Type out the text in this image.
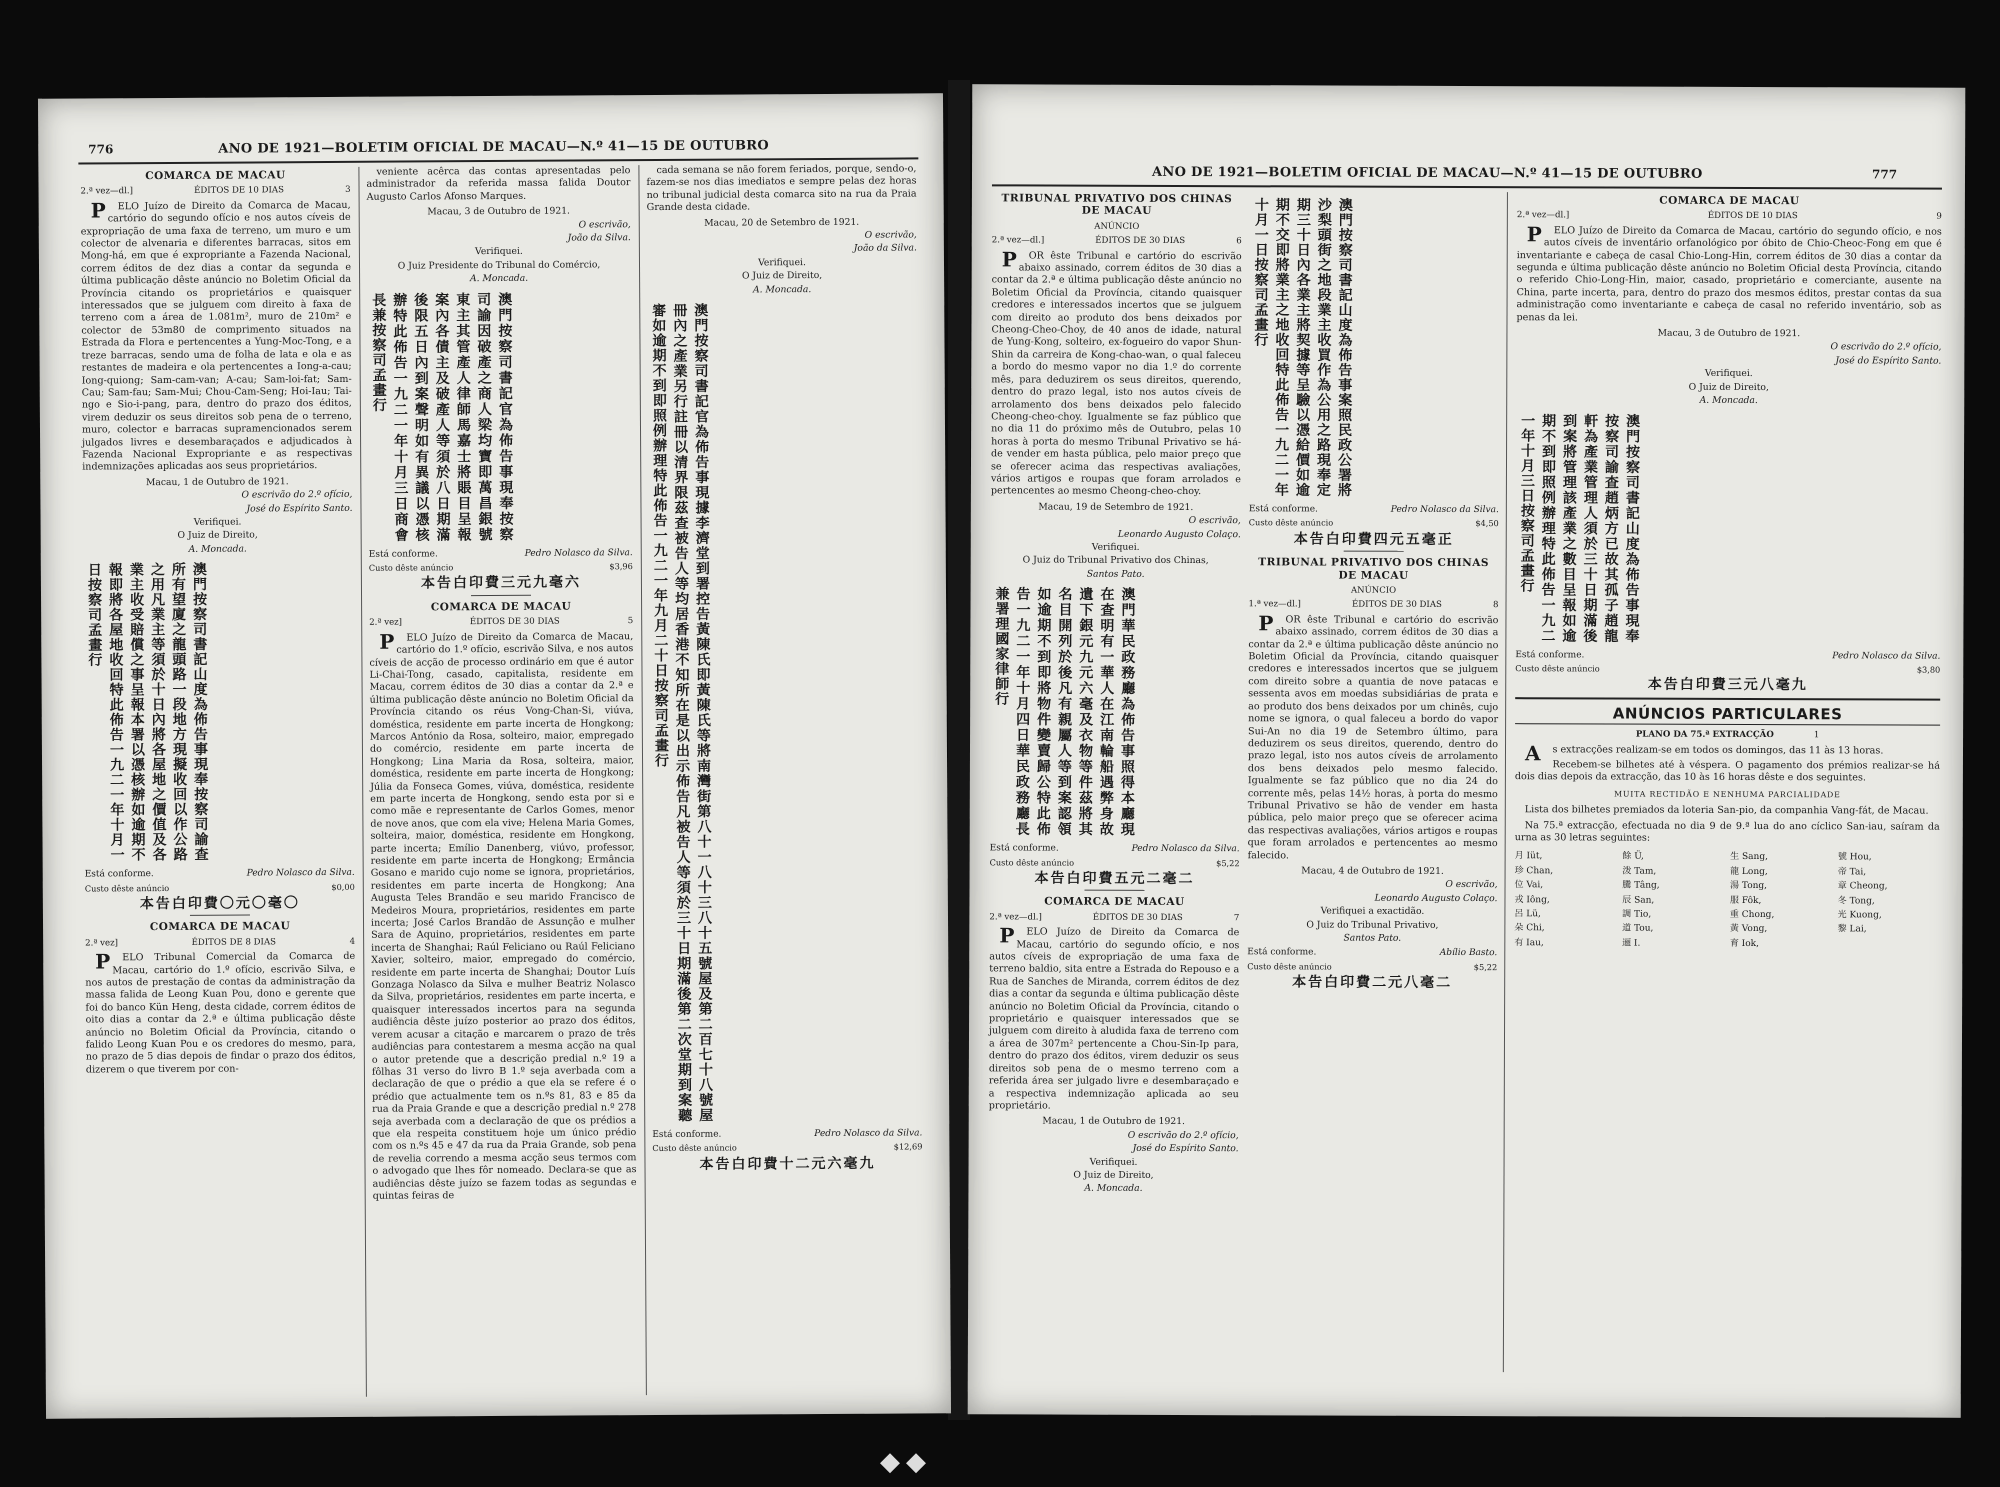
776	ANO DE 1921—BOLETIM OFICIAL DE MACAU—N.º 41—15 DE OUTUBRO
COMARCA DE MACAU
2.ª vez—dl.]	ÉDITOS DE 10 DIAS	3

PELO Juízo de Direito da Comarca de Macau, cartório do segundo ofício e nos autos cíveis de expropriação de uma faxa de terreno, um muro e um colector de alvenaria e diferentes barracas, sitos em Mong-há, em que é expropriante a Fazenda Nacional, correm éditos de dez dias a contar da segunda e última publicação dêste anúncio no Boletim Oficial da Província citando os proprietários e quaisquer interessados que se julguem com direito à faxa de terreno com a área de 1.081m², muro de 210m² e colector de 53m80 de comprimento situados na Estrada da Flora e pertencentes a Yung-Moc-Tong, e a treze barracas, sendo uma de folha de lata e ola e as restantes de madeira e ola pertencentes a Iong-a-cau; Iong-quiong; Sam-cam-van; A-cau; Sam-loi-fat; Sam-Cau; Sam-fau; Sam-Mui; Chou-Cam-Seng; Hoi-Iau; Tai-ngo e Sio-i-pang, para, dentro do prazo dos éditos, virem deduzir os seus direitos sob pena de o terreno, muro, colector e barracas supramencionados serem julgados livres e desembaraçados e adjudicados à Fazenda Nacional Expropriante e as respectivas indemnizações aplicadas aos seus proprietários.

Macau, 1 de Outubro de 1921.
O escrivão do 2.º ofício,
José do Espírito Santo.
Verifiquei.
O Juiz de Direito,
A. Moncada.
澳門按察司書記山度為佈告事現奉按察司諭查所有望廈之龍頭路一段地方現擬收回以作公路之用凡業主等須於十日內將各屋地之價值及各業主收受賠償之事呈報本署以憑核辦如逾期不報即將各屋地收回特此佈告一九二一年十月一日按察司孟畫行
Está conforme.	Pedro Nolasco da Silva.
Custo dêste anúncio	$0,00
本告白印費〇元〇毫〇
COMARCA DE MACAU
2.ª vez]	ÉDITOS DE 8 DIAS	4

PELO Tribunal Comercial da Comarca de Macau, cartório do 1.º ofício, escrivão Silva, e nos autos de prestação de contas da administração da massa falida de Leong Kuan Pou, dono e gerente que foi do banco Kün Heng, desta cidade, correm éditos de oito dias a contar da 2.ª e última publicação dêste anúncio no Boletim Oficial da Província, citando o falido Leong Kuan Pou e os credores do mesmo, para, no prazo de 5 dias depois de findar o prazo dos éditos, dizerem o que tiverem por con-

veniente acêrca das contas apresentadas pelo administrador da referida massa falida Doutor Augusto Carlos Afonso Marques.

Macau, 3 de Outubro de 1921.
O escrivão,
João da Silva.
Verifiquei.
O Juiz Presidente do Tribunal do Comércio,
A. Moncada.
澳門按察司書記官為佈告事現奉按察司諭因破產之商人梁均寶即萬昌銀號東主其管產人律師馬嘉士將賬目呈報案內各債主及破產人等須於八日期滿後限五日內到案聲明如有異議以憑核辦特此佈告一九二一年十月三日商會長兼按察司孟畫行
Está conforme.	Pedro Nolasco da Silva.
Custo dêste anúncio	$3,96
本告白印費三元九毫六
COMARCA DE MACAU
2.ª vez]	ÉDITOS DE 30 DIAS	5

PELO Juízo de Direito da Comarca de Macau, cartório do 1.º ofício, escrivão Silva, e nos autos cíveis de acção de processo ordinário em que é autor Li-Chai-Tong, casado, capitalista, residente em Macau, correm éditos de 30 dias a contar da 2.ª e última publicação dêste anúncio no Boletim Oficial da Província citando os réus Vong-Chan-Si, viúva, doméstica, residente em parte incerta de Hongkong; Marcos António da Rosa, solteiro, maior, empregado do comércio, residente em parte incerta de Hongkong; Lina Maria da Rosa, solteira, maior, doméstica, residente em parte incerta de Hongkong; Júlia da Fonseca Gomes, viúva, doméstica, residente em parte incerta de Hongkong, sendo esta por si e como mãe e representante de Carlos Gomes, menor de nove anos, que com ela vive; Helena Maria Gomes, solteira, maior, doméstica, residente em Hongkong, parte incerta; Emílio Danenberg, viúvo, professor, residente em parte incerta de Hongkong; Ermância Gosano e marido cujo nome se ignora, proprietários, residentes em parte incerta de Hongkong; Ana Augusta Teles Brandão e seu marido Francisco de Medeiros Moura, proprietários, residentes em parte incerta; José Carlos Brandão de Assunção e mulher Sara de Aquino, proprietários, residentes em parte incerta de Shanghai; Raúl Feliciano ou Raúl Feliciano Xavier, solteiro, maior, empregado do comércio, residente em parte incerta de Shanghai; Doutor Luís Gonzaga Nolasco da Silva e mulher Beatriz Nolasco da Silva, proprietários, residentes em parte incerta, e quaisquer interessados incertos para na segunda audiência dêste juízo posterior ao prazo dos éditos, verem acusar a citação e marcarem o prazo de três audiências para contestarem a mesma acção na qual o autor pretende que a descrição predial n.º 19 a fôlhas 31 verso do livro B 1.º seja averbada com a declaração de que o prédio a que ela se refere é o prédio que actualmente tem os n.ºs 81, 83 e 85 da rua da Praia Grande e que a descrição predial n.º 278 seja averbada com a declaração de que os prédios a que ela respeita constituem hoje um único prédio com os n.ºs 45 e 47 da rua da Praia Grande, sob pena de revelia correndo a mesma acção seus termos com o advogado que lhes fôr nomeado. Declara-se que as audiências dêste juízo se fazem todas as segundas e quintas feiras de

cada semana se não forem feriados, porque, sendo-o, fazem-se nos dias imediatos e sempre pelas dez horas no tribunal judicial desta comarca sito na rua da Praia Grande desta cidade.

Macau, 20 de Setembro de 1921.
O escrivão,
João da Silva.
Verifiquei.
O Juiz de Direito,
A. Moncada.
澳門按察司書記官為佈告事現據李濟堂到署控告黃陳氏即黃陳氏等將南灣街第八十一八十三八十五號屋及第二百七十八號屋冊內之產業另行註冊以清界限茲查被告人等均居香港不知所在是以出示佈告凡被告人等須於三十日期滿後第二次堂期到案聽審如逾期不到即照例辦理特此佈告一九二一年九月二十日按察司孟畫行
Está conforme.	Pedro Nolasco da Silva.
Custo dêste anúncio	$12,69
本告白印費十二元六毫九
ANO DE 1921—BOLETIM OFICIAL DE MACAU—N.º 41—15 DE OUTUBRO	777
TRIBUNAL PRIVATIVO DOS CHINAS DE MACAU
ANÚNCIO
2.ª vez—dl.]	ÉDITOS DE 30 DIAS	6

POR êste Tribunal e cartório do escrivão abaixo assinado, correm éditos de 30 dias a contar da 2.ª e última publicação dêste anúncio no Boletim Oficial da Província, citando quaisquer credores e interessados incertos que se julguem com direito ao produto dos bens deixados por Cheong-Cheo-Choy, de 40 anos de idade, natural de Yung-Kong, solteiro, ex-fogueiro do vapor Shun-Shin da carreira de Kong-chao-wan, o qual faleceu a bordo do mesmo vapor no dia 1.º do corrente mês, para deduzirem os seus direitos, querendo, dentro do prazo legal, isto nos autos cíveis de arrolamento dos bens deixados pelo falecido Cheong-cheo-choy. Igualmente se faz público que no dia 11 do próximo mês de Outubro, pelas 10 horas à porta do mesmo Tribunal Privativo se há-de vender em hasta pública, pelo maior preço que se oferecer acima das respectivas avaliações, vários artigos e roupas que foram arrolados e pertencentes ao mesmo Cheong-cheo-choy.

Macau, 19 de Setembro de 1921.
O escrivão,
Leonardo Augusto Colaço.
Verifiquei.
O Juiz do Tribunal Privativo dos Chinas,
Santos Pato.
澳門華民政務廳為佈告事照得本廳現在查明有一華人在江南輪船遇弊身故遺下銀元九元六毫及衣物等件茲將其名目開列於後凡有親屬人等到案認領如逾期不到即將物件變賣歸公特此佈告一九二一年十月四日華民政務廳長兼署理國家律師行
Está conforme.	Pedro Nolasco da Silva.
Custo dêste anúncio	$5,22
本告白印費五元二毫二
COMARCA DE MACAU
2.ª vez—dl.]	ÉDITOS DE 30 DIAS	7

PELO Juízo de Direito da Comarca de Macau, cartório do segundo ofício, e nos autos cíveis de expropriação de uma faxa de terreno baldio, sita entre a Estrada do Repouso e a Rua de Sanches de Miranda, correm éditos de dez dias a contar da segunda e última publicação dêste anúncio no Boletim Oficial da Província, citando o proprietário e quaisquer interessados que se julguem com direito à aludida faxa de terreno com a área de 307m² pertencente a Chou-Sin-Ip para, dentro do prazo dos éditos, virem deduzir os seus direitos sob pena de o mesmo terreno com a referida área ser julgado livre e desembaraçado e a respectiva indemnização aplicada ao seu proprietário.

Macau, 1 de Outubro de 1921.
O escrivão do 2.º ofício,
José do Espírito Santo.
Verifiquei.
O Juiz de Direito,
A. Moncada.
澳門按察司書記山度為佈告事案照民政公署將沙梨頭街之地段業主收買作為公用之路現奉定期三十日內各業主將契據等呈驗以憑給價如逾期不交即將業主之地收回特此佈告一九二一年十月一日按察司孟畫行
Está conforme.	Pedro Nolasco da Silva.
Custo dêste anúncio	$4,50
本告白印費四元五毫正
TRIBUNAL PRIVATIVO DOS CHINAS DE MACAU
ANÚNCIO
1.ª vez—dl.]	ÉDITOS DE 30 DIAS	8

POR êste Tribunal e cartório do escrivão abaixo assinado, correm éditos de 30 dias a contar da 2.ª e última publicação dêste anúncio no Boletim Oficial da Província, citando quaisquer credores e interessados incertos que se julguem com direito sobre a quantia de nove patacas e sessenta avos em moedas subsidiárias de prata e ao produto dos bens deixados por um chinês, cujo nome se ignora, o qual faleceu a bordo do vapor Sui-An no dia 19 de Setembro último, para deduzirem os seus direitos, querendo, dentro do prazo legal, isto nos autos cíveis de arrolamento dos bens deixados pelo mesmo falecido. Igualmente se faz público que no dia 24 do corrente mês, pelas 14½ horas, à porta do mesmo Tribunal Privativo se hão de vender em hasta pública, pelo maior preço que se oferecer acima das respectivas avaliações, vários artigos e roupas que foram arrolados e pertencentes ao mesmo falecido.

Macau, 4 de Outubro de 1921.
O escrivão,
Leonardo Augusto Colaço.
Verifiquei a exactidão.
O Juiz do Tribunal Privativo,
Santos Pato.
Está conforme.	Abílio Basto.
Custo dêste anúncio	$5,22
本告白印費二元八毫二
COMARCA DE MACAU
2.ª vez—dl.]	ÉDITOS DE 10 DIAS	9

PELO Juízo de Direito da Comarca de Macau, cartório do segundo ofício, e nos autos cíveis de inventário orfanológico por óbito de Chio-Cheoc-Fong em que é inventariante e cabeça de casal Chio-Long-Hin, correm éditos de 30 dias a contar da segunda e última publicação dêste anúncio no Boletim Oficial desta Província, citando o referido Chio-Long-Hin, maior, casado, proprietário e comerciante, ausente na China, parte incerta, para, dentro do prazo dos mesmos éditos, prestar contas da sua administração como inventariante e cabeça de casal no referido inventário, sob as penas da lei.

Macau, 3 de Outubro de 1921.
O escrivão do 2.º ofício,
José do Espírito Santo.
Verifiquei.
O Juiz de Direito,
A. Moncada.
澳門按察司書記山度為佈告事現奉按察司諭查趙炳方已故其孤子趙龍軒為產業管理人須於三十日期滿後到案將管理該產業之數目呈報如逾期不到即照例辦理特此佈告一九二一年十月三日按察司孟畫行
Está conforme.	Pedro Nolasco da Silva.
Custo dêste anúncio	$3,80
本告白印費三元八毫九
ANÚNCIOS PARTICULARES
PLANO DA 75.ª EXTRACÇÃO	1

As extracções realizam-se em todos os domingos, das 11 às 13 horas.

Recebem-se bilhetes até à véspera. O pagamento dos prémios realizar-se há dois dias depois da extracção, das 10 às 16 horas dêste e dos seguintes.

MUITA RECTIDÃO E NENHUMA PARCIALIDADE

Lista dos bilhetes premiados da loteria San-pio, da companhia Vang-fát, de Macau.

Na 75.ª extracção, efectuada no dia 9 de 9.ª lua do ano cíclico San-iau, saíram da urna as 30 letras seguintes:

月 Iüt,	餘 Ü,	生 Sang,	號 Hou,
珍 Chan,	泼 Tam,	龍 Long,	帝 Tai,
位 Vai,	騰 Tâng,	湯 Tong,	章 Cheong,
戎 Iông,	辰 San,	服 Fôk,	冬 Tong,
呂 Lü,	調 Tio,	重 Chong,	光 Kuong,
朵 Chi,	道 Tou,	黃 Vong,	黎 Lai,
有 Iau,	逦 I.	育 Iok,
◆◆
